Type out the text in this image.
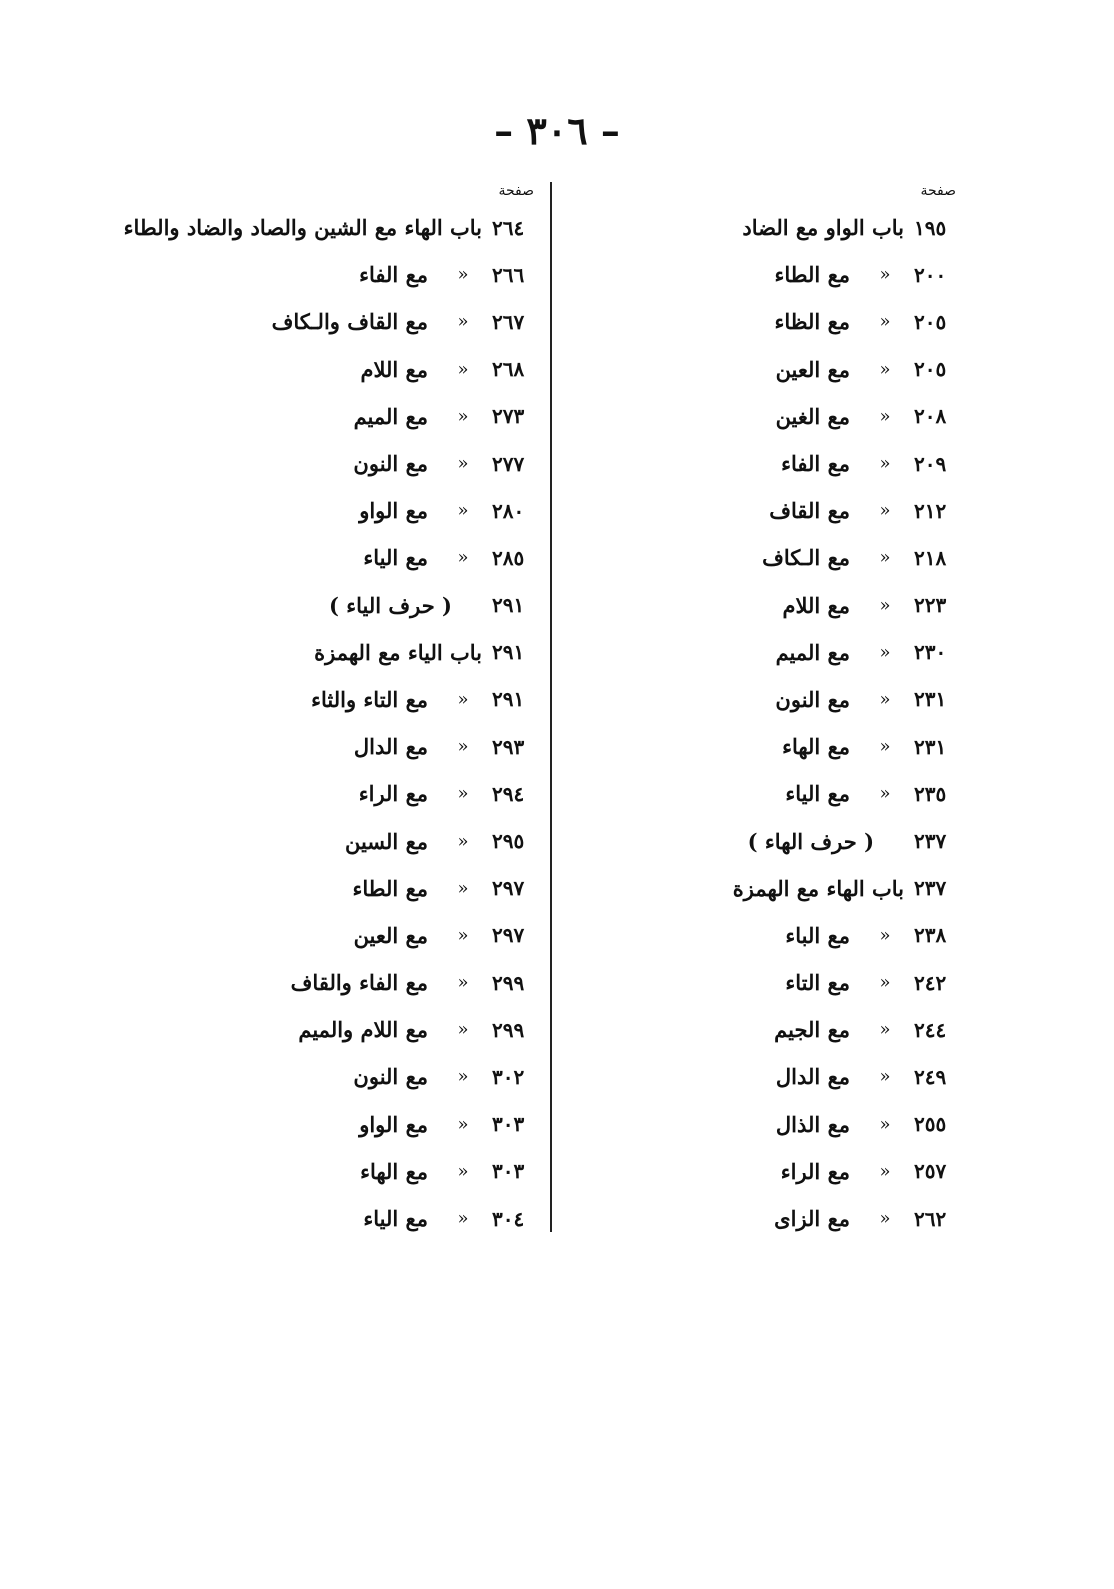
– ٣٠٦ –
صفحة
١٩٥
باب الواو مع الضاد
٢٠٠
«
مع الطاء
٢٠٥
«
مع الظاء
٢٠٥
«
مع العين
٢٠٨
«
مع الغين
٢٠٩
«
مع الفاء
٢١٢
«
مع القاف
٢١٨
«
مع الـكاف
٢٢٣
«
مع اللام
٢٣٠
«
مع الميم
٢٣١
«
مع النون
٢٣١
«
مع الهاء
٢٣٥
«
مع الياء
٢٣٧
( حرف الهاء )
٢٣٧
باب الهاء مع الهمزة
٢٣٨
«
مع الباء
٢٤٢
«
مع التاء
٢٤٤
«
مع الجيم
٢٤٩
«
مع الدال
٢٥٥
«
مع الذال
٢٥٧
«
مع الراء
٢٦٢
«
مع الزاى
صفحة
٢٦٤
باب الهاء مع الشين والصاد والضاد والطاء
٢٦٦
«
مع الفاء
٢٦٧
«
مع القاف والـكاف
٢٦٨
«
مع اللام
٢٧٣
«
مع الميم
٢٧٧
«
مع النون
٢٨٠
«
مع الواو
٢٨٥
«
مع الياء
٢٩١
( حرف الياء )
٢٩١
باب الياء مع الهمزة
٢٩١
«
مع التاء والثاء
٢٩٣
«
مع الدال
٢٩٤
«
مع الراء
٢٩٥
«
مع السين
٢٩٧
«
مع الطاء
٢٩٧
«
مع العين
٢٩٩
«
مع الفاء والقاف
٢٩٩
«
مع اللام والميم
٣٠٢
«
مع النون
٣٠٣
«
مع الواو
٣٠٣
«
مع الهاء
٣٠٤
«
مع الياء
